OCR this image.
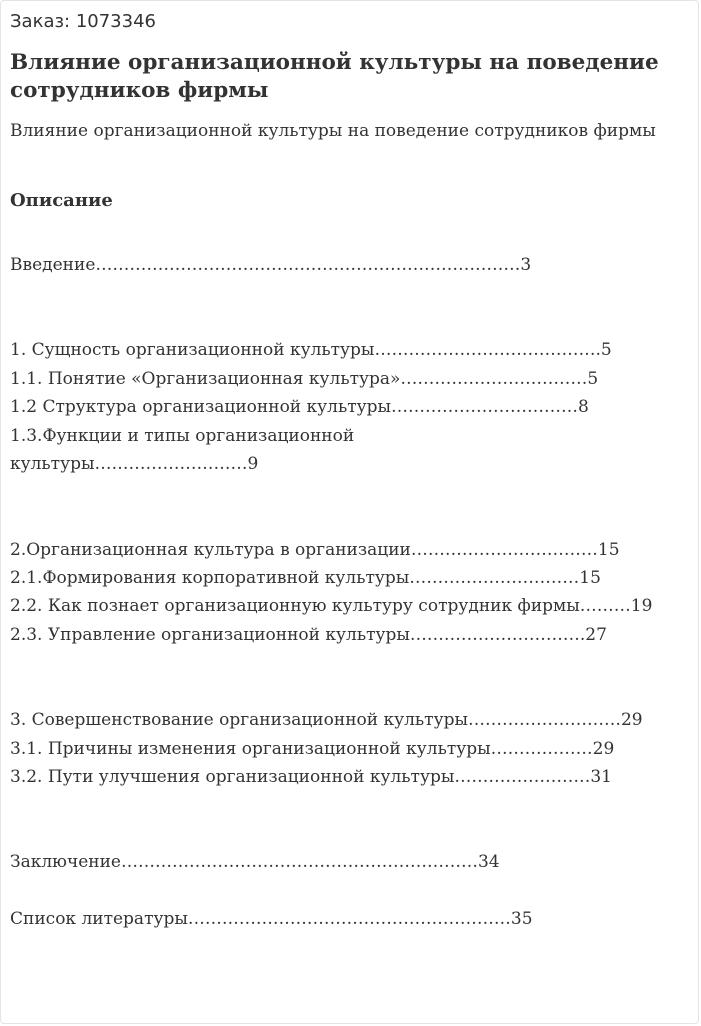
Заказ: 1073346
Влияние организационной культуры на поведение сотрудников фирмы

Влияние организационной культуры на поведение сотрудников фирмы

Описание
Введение…………………………………………………………………3
1. Сущность организационной культуры………………………………….5
1.1. Понятие «Организационная культура»……………………………5
1.2 Структура организационной культуры……………………………8
1.3.Функции и типы организационной
культуры………………………9
2.Организационная культура в организации……………………………15
2.1.Формирования корпоративной культуры…………………………15
2.2. Как познает организационную культуру сотрудник фирмы………19
2.3. Управление организационной культуры………………………….27
3. Совершенствование организационной культуры………………………29
3.1. Причины изменения организационной культуры………………29
3.2. Пути улучшения организационной культуры……………………31
Заключение………………………………………………………34
Список литературы…………………………………………………35
